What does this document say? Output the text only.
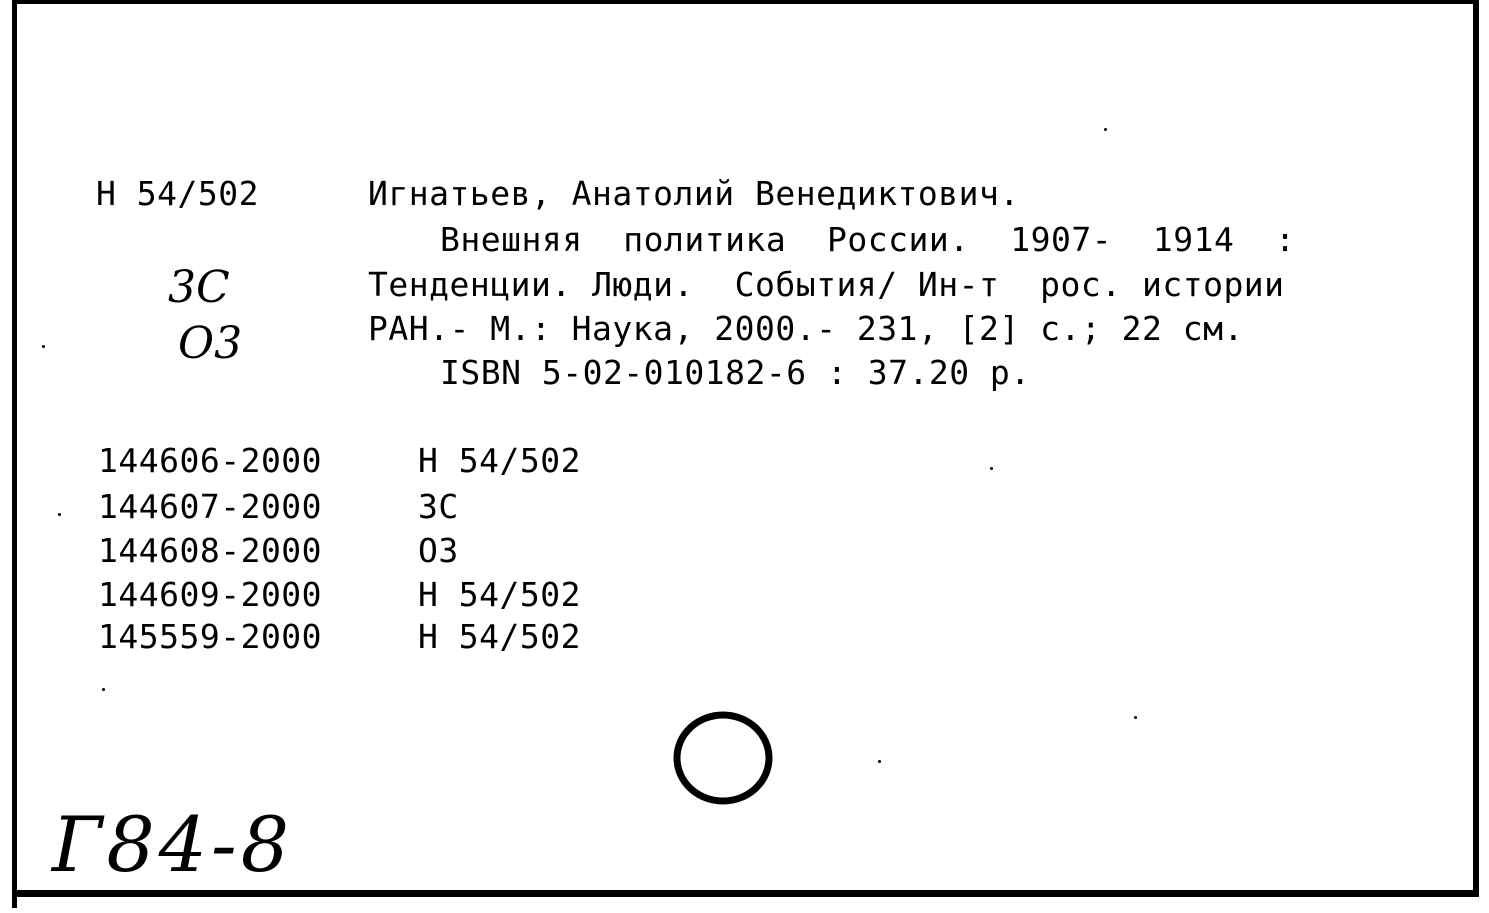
Н 54/502
3С
О3
Игнатьев, Анатолий Венедиктович.
Внешняя  политика  России.  1907-  1914  :
Тенденции. Люди.  События/ Ин-т  рос. истории
РАН.- М.: Наука, 2000.- 231, [2] с.; 22 см.
ISBN 5-02-010182-6 : 37.20 р.
144606-2000	Н 54/502
144607-2000	ЗС
144608-2000	ОЗ
144609-2000	Н 54/502
145559-2000	Н 54/502
Г84-8
